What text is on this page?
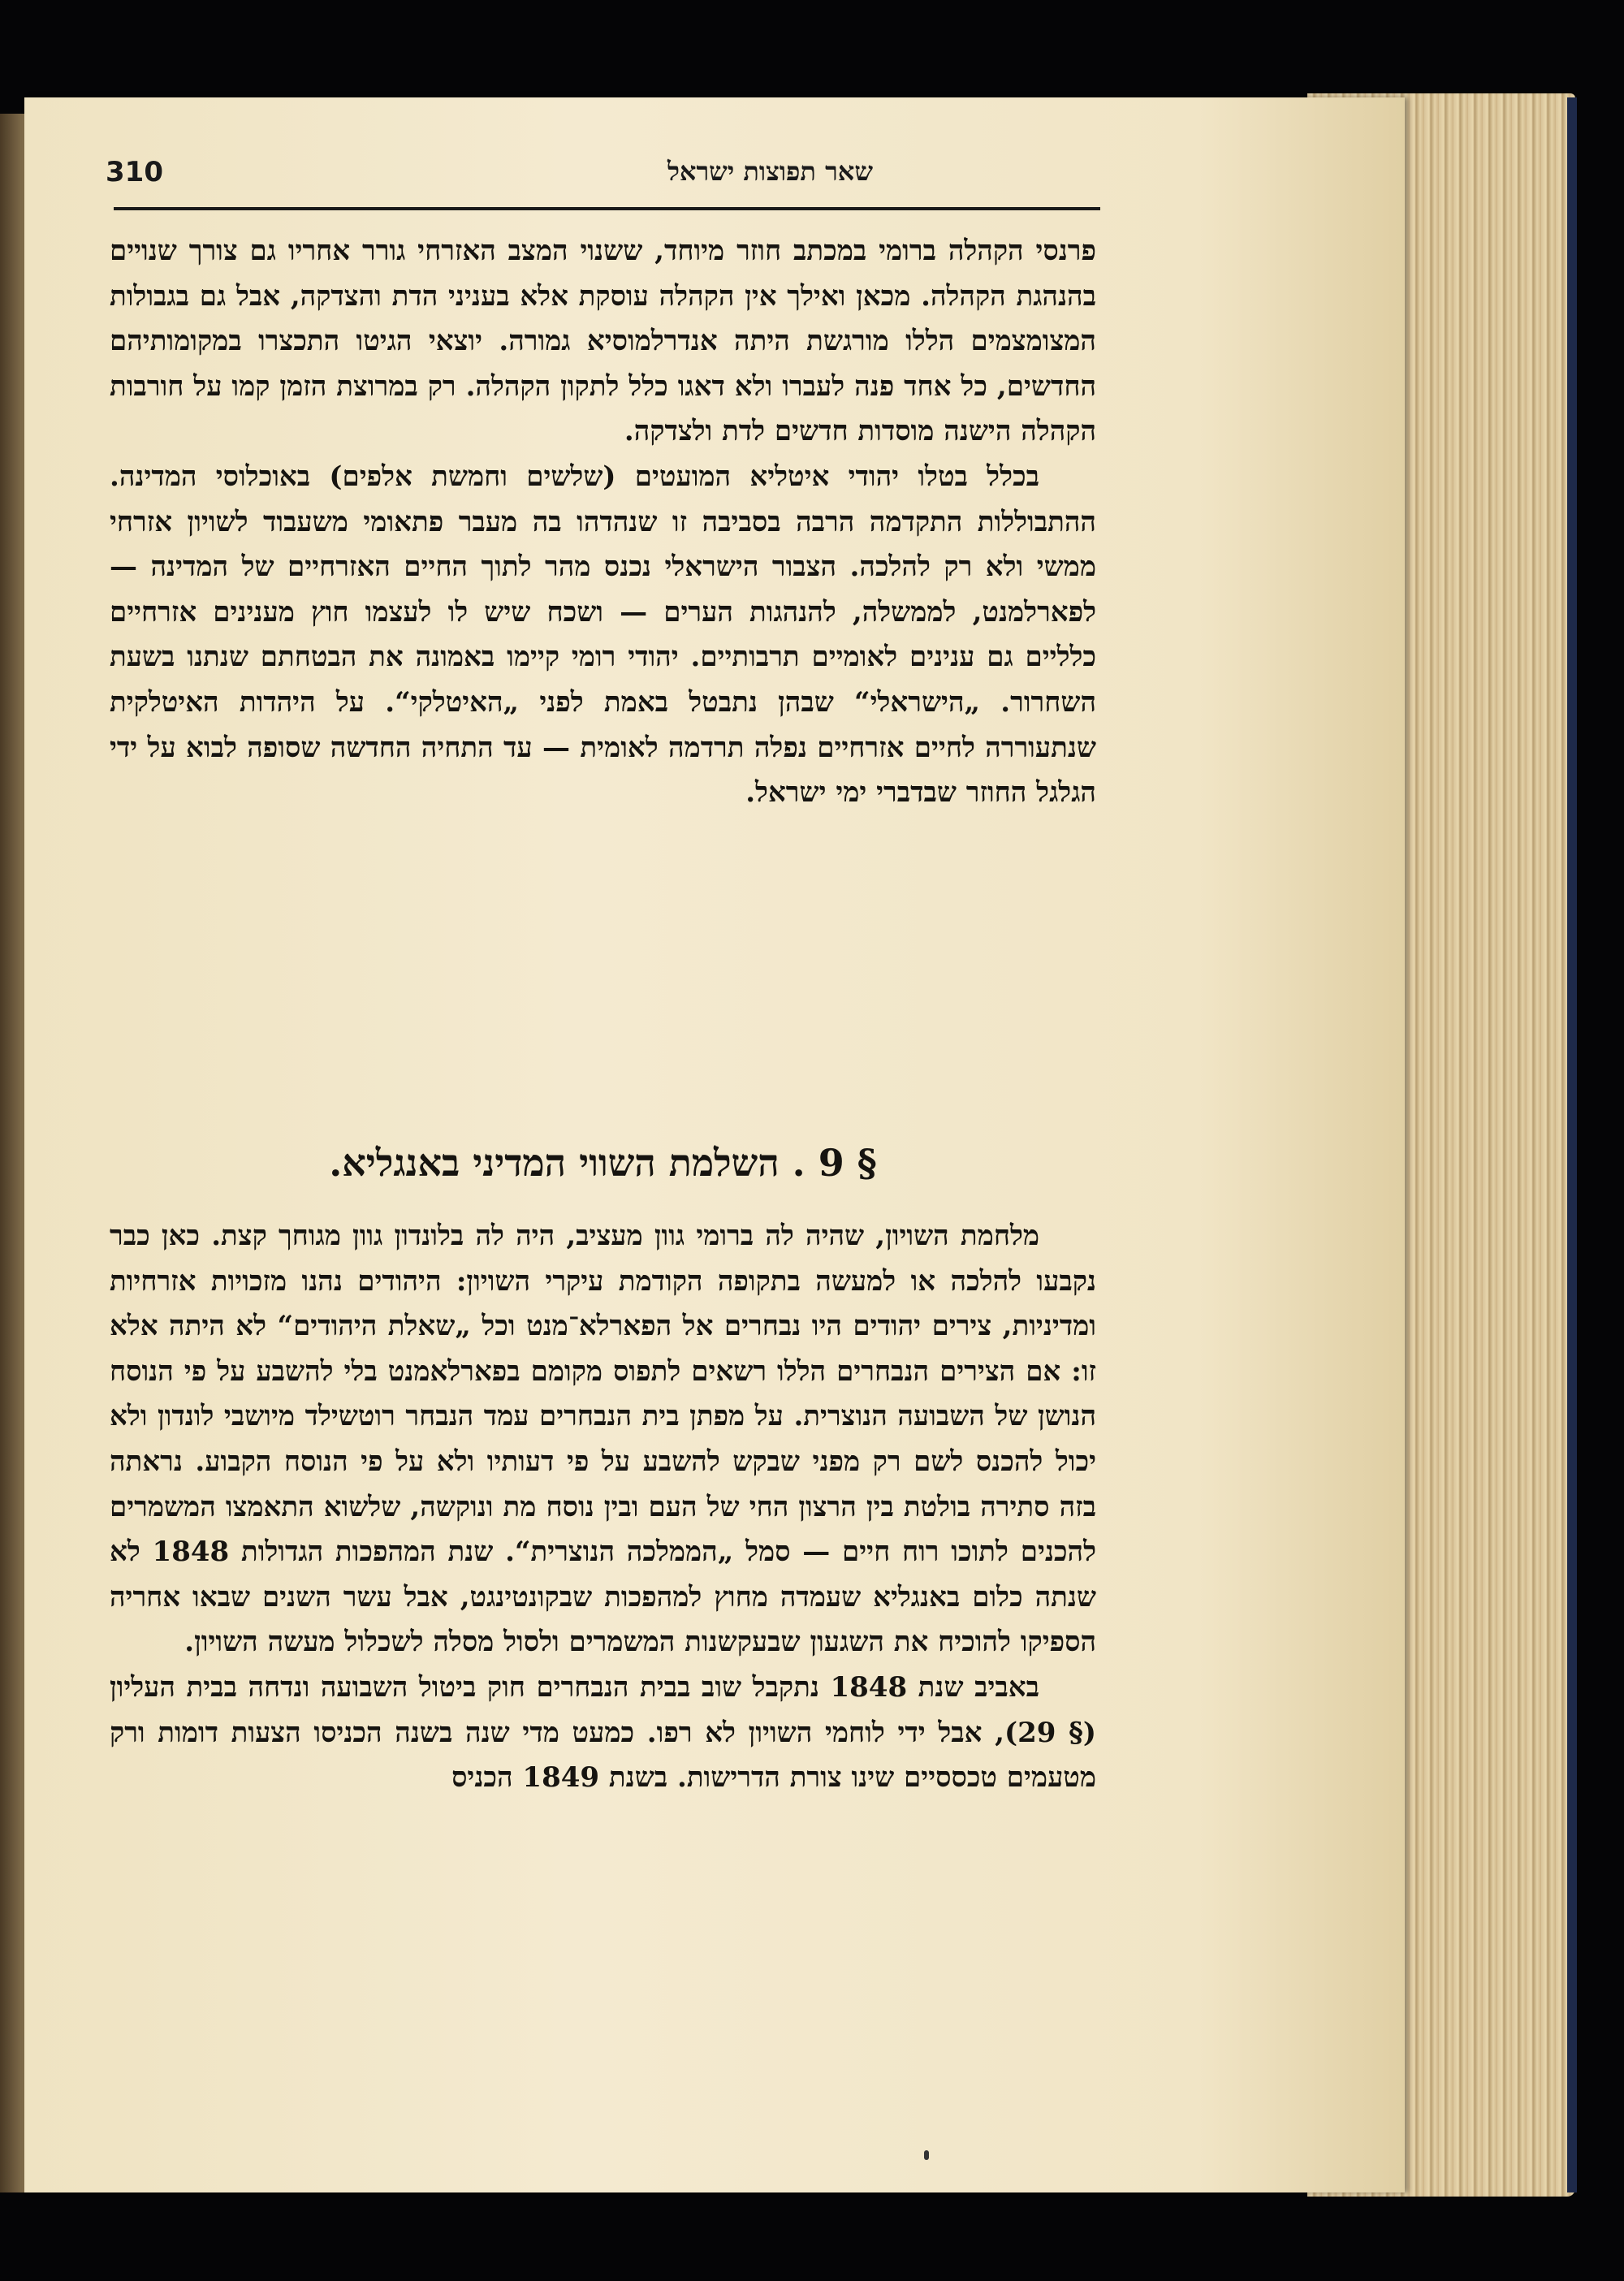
310	שאר תפוצות ישראל

פרנסי הקהלה ברומי במכתב חוזר מיוחד, ששנוי המצב האזרחי גורר אחריו גם צורך שנויים בהנהגת הקהלה. מכאן ואילך אין הקהלה עוסקת אלא בעניני הדת והצדקה, אבל גם בגבולות המצומצמים הללו מורגשת היתה אנדרלמוסיא גמורה. יוצאי הגיטו התכצרו במקומותיהם החדשים, כל אחד פנה לעברו ולא דאגו כלל לתקון הקהלה. רק במרוצת הזמן קמו על חורבות הקהלה הישנה מוסדות חדשים לדת ולצדקה.

בכלל בטלו יהודי איטליא המועטים (שלשים וחמשת אלפים) באוכלוסי המדינה. ההתבוללות התקדמה הרבה בסביבה זו שנהדהו בה מעבר פתאומי משעבוד לשויון אזרחי ממשי ולא רק להלכה. הצבור הישראלי נכנס מהר לתוך החיים האזרחיים של המדינה — לפארלמנט, לממשלה, להנהגות הערים — ושכח שיש לו לעצמו חוץ מענינים אזרחיים כלליים גם ענינים לאומיים תרבותיים. יהודי רומי קיימו באמונה את הבטחתם שנתנו בשעת השחרור. „הישראלי“ שבהן נתבטל באמת לפני „האיטלקי“. על היהדות האיטלקית שנתעוררה לחיים אזרחיים נפלה תרדמה לאומית — עד התחיה החדשה שסופה לבוא על ידי הגלגל החוזר שבדברי ימי ישראל.

§ 9 . השלמת השווי המדיני באנגליא.

מלחמת השויון, שהיה לה ברומי גוון מעציב, היה לה בלונדון גוון מגוחך קצת. כאן כבר נקבעו להלכה או למעשה בתקופה הקודמת עיקרי השויון: היהודים נהנו מזכויות אזרחיות ומדיניות, צירים יהודים היו נבחרים אל הפארלא־מנט וכל „שאלת היהודים“ לא היתה אלא זו: אם הצירים הנבחרים הללו רשאים לתפוס מקומם בפארלאמנט בלי להשבע על פי הנוסח הנושן של השבועה הנוצרית. על מפתן בית הנבחרים עמד הנבחר רוטשילד מיושבי לונדון ולא יכול להכנס לשם רק מפני שבקש להשבע על פי דעותיו ולא על פי הנוסח הקבוע. נראתה בזה סתירה בולטת בין הרצון החי של העם ובין נוסח מת ונוקשה, שלשוא התאמצו המשמרים להכנים לתוכו רוח חיים — סמל „הממלכה הנוצרית“. שנת המהפכות הגדולות 1848 לא שנתה כלום באנגליא שעמדה מחוץ למהפכות שבקונטינגט, אבל עשר השנים שבאו אחריה הספיקו להוכיח את השגעון שבעקשנות המשמרים ולסול מסלה לשכלול מעשה השויון.

באביב שנת 1848 נתקבל שוב בבית הנבחרים חוק ביטול השבועה ונדחה בבית העליון (§ 29), אבל ידי לוחמי השויון לא רפו. כמעט מדי שנה בשנה הכניסו הצעות דומות ורק מטעמים טכססיים שינו צורת הדרישות. בשנת 1849 הכניס
